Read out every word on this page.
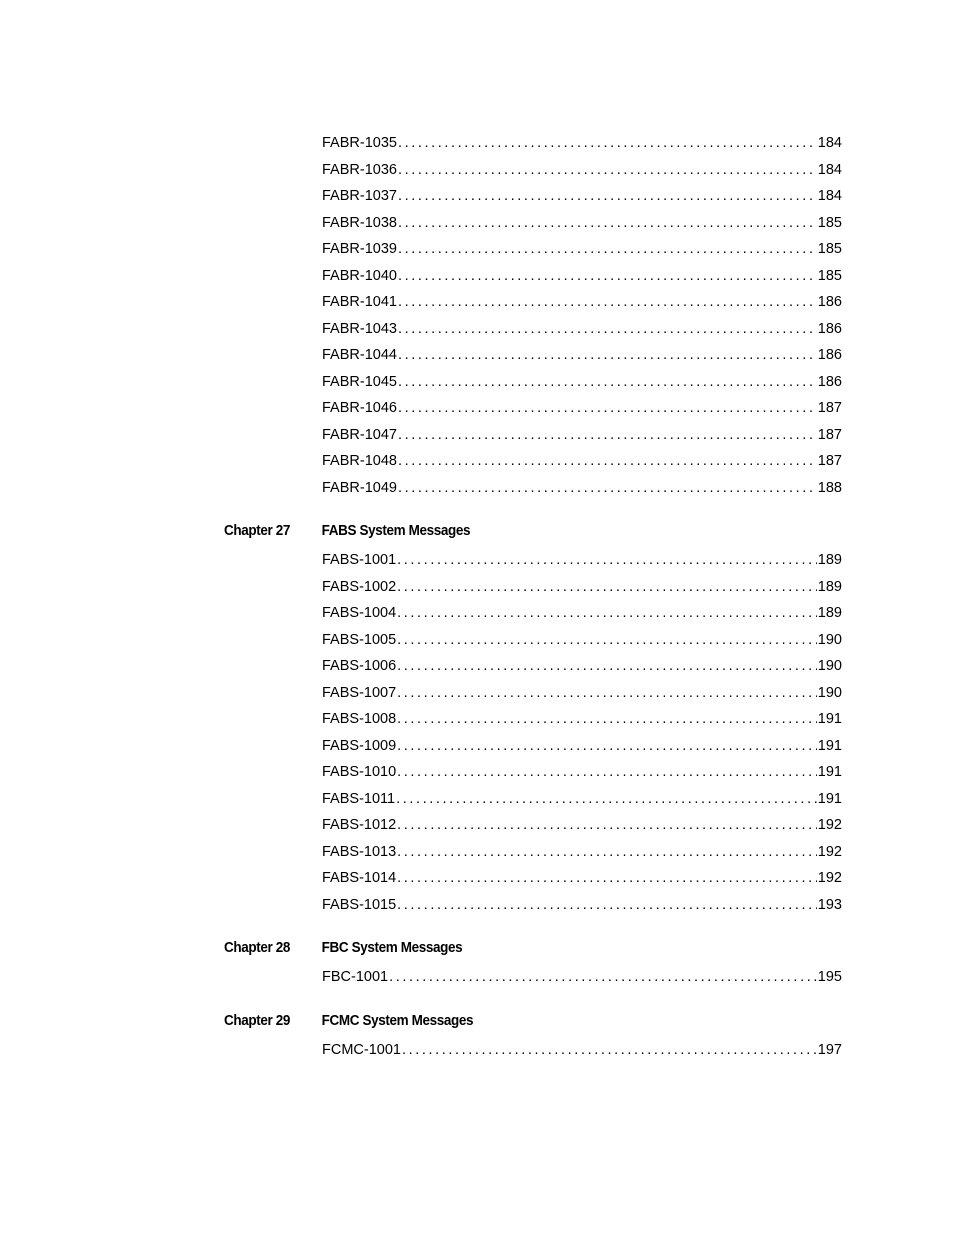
FABR-1035 .....	184
FABR-1036 .....	184
FABR-1037 .....	184
FABR-1038 .....	185
FABR-1039 .....	185
FABR-1040 .....	185
FABR-1041 .....	186
FABR-1043 .....	186
FABR-1044 .....	186
FABR-1045 .....	186
FABR-1046 .....	187
FABR-1047 .....	187
FABR-1048 .....	187
FABR-1049 .....	188
Chapter 27	FABS System Messages
FABS-1001 .....	189
FABS-1002 .....	189
FABS-1004 .....	189
FABS-1005 .....	190
FABS-1006 .....	190
FABS-1007 .....	190
FABS-1008 .....	191
FABS-1009 .....	191
FABS-1010 .....	191
FABS-1011 .....	191
FABS-1012 .....	192
FABS-1013 .....	192
FABS-1014 .....	192
FABS-1015 .....	193
Chapter 28	FBC System Messages
FBC-1001 .....	195
Chapter 29	FCMC System Messages
FCMC-1001 .....	197
